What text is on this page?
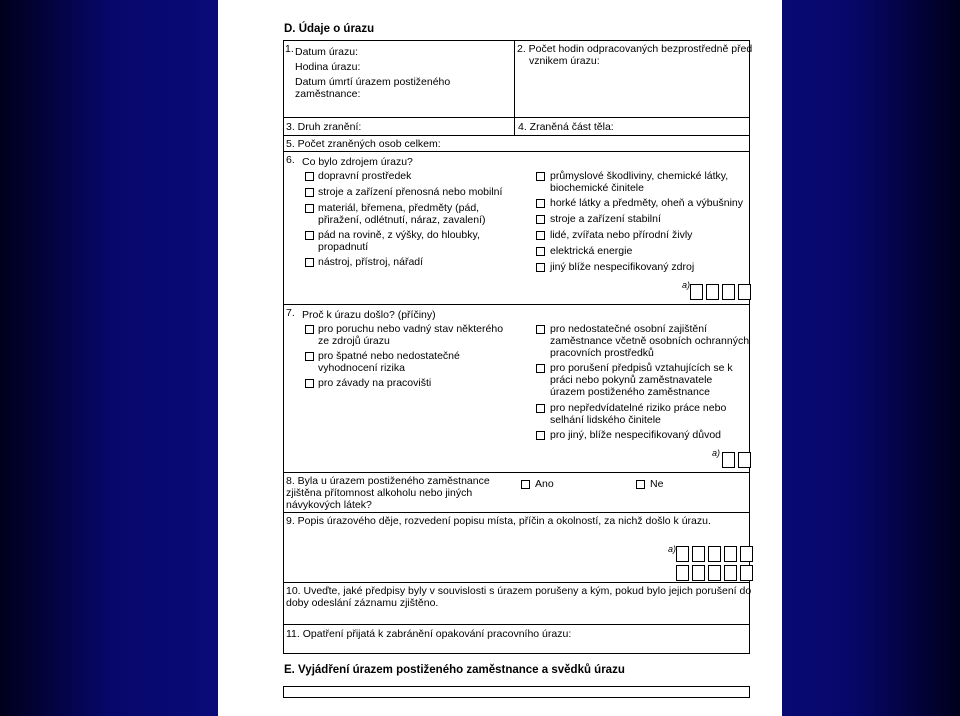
D. Údaje o úrazu
1. Datum úrazu:
Hodina úrazu:
Datum úmrtí úrazem postiženého
zaměstnance:
2. Počet hodin odpracovaných bezprostředně před
vznikem úrazu:
3. Druh zranění:	4. Zraněná část těla:
5. Počet zraněných osob celkem:
6. Co bylo zdrojem úrazu?
dopravní prostředek
stroje a zařízení přenosná nebo mobilní
materiál, břemena, předměty (pád,
přiražení, odlétnutí, náraz, zavalení)
pád na rovině, z výšky, do hloubky,
propadnutí
nástroj, přístroj, nářadí
průmyslové škodliviny, chemické látky,
biochemické činitele
horké látky a předměty, oheň a výbušniny
stroje a zařízení stabilní
lidé, zvířata nebo přírodní živly
elektrická energie
jiný blíže nespecifikovaný zdroj
a)
7. Proč k úrazu došlo? (příčiny)
pro poruchu nebo vadný stav některého
ze zdrojů úrazu
pro špatné nebo nedostatečné
vyhodnocení rizika
pro závady na pracovišti
pro nedostatečné osobní zajištění
zaměstnance včetně osobních ochranných
pracovních prostředků
pro porušení předpisů vztahujících se k
práci nebo pokynů zaměstnavatele
úrazem postiženého zaměstnance
pro nepředvídatelné riziko práce nebo
selhání lidského činitele
pro jiný, blíže nespecifikovaný důvod
a)
8. Byla u úrazem postiženého zaměstnance
zjištěna přítomnost alkoholu nebo jiných
návykových látek?
Ano	Ne
9. Popis úrazového děje, rozvedení popisu místa, příčin a okolností, za nichž došlo k úrazu.
a)
10. Uveďte, jaké předpisy byly v souvislosti s úrazem porušeny a kým, pokud bylo jejich porušení do
doby odeslání záznamu zjištěno.
11. Opatření přijatá k zabránění opakování pracovního úrazu:
E. Vyjádření úrazem postiženého zaměstnance a svědků úrazu
